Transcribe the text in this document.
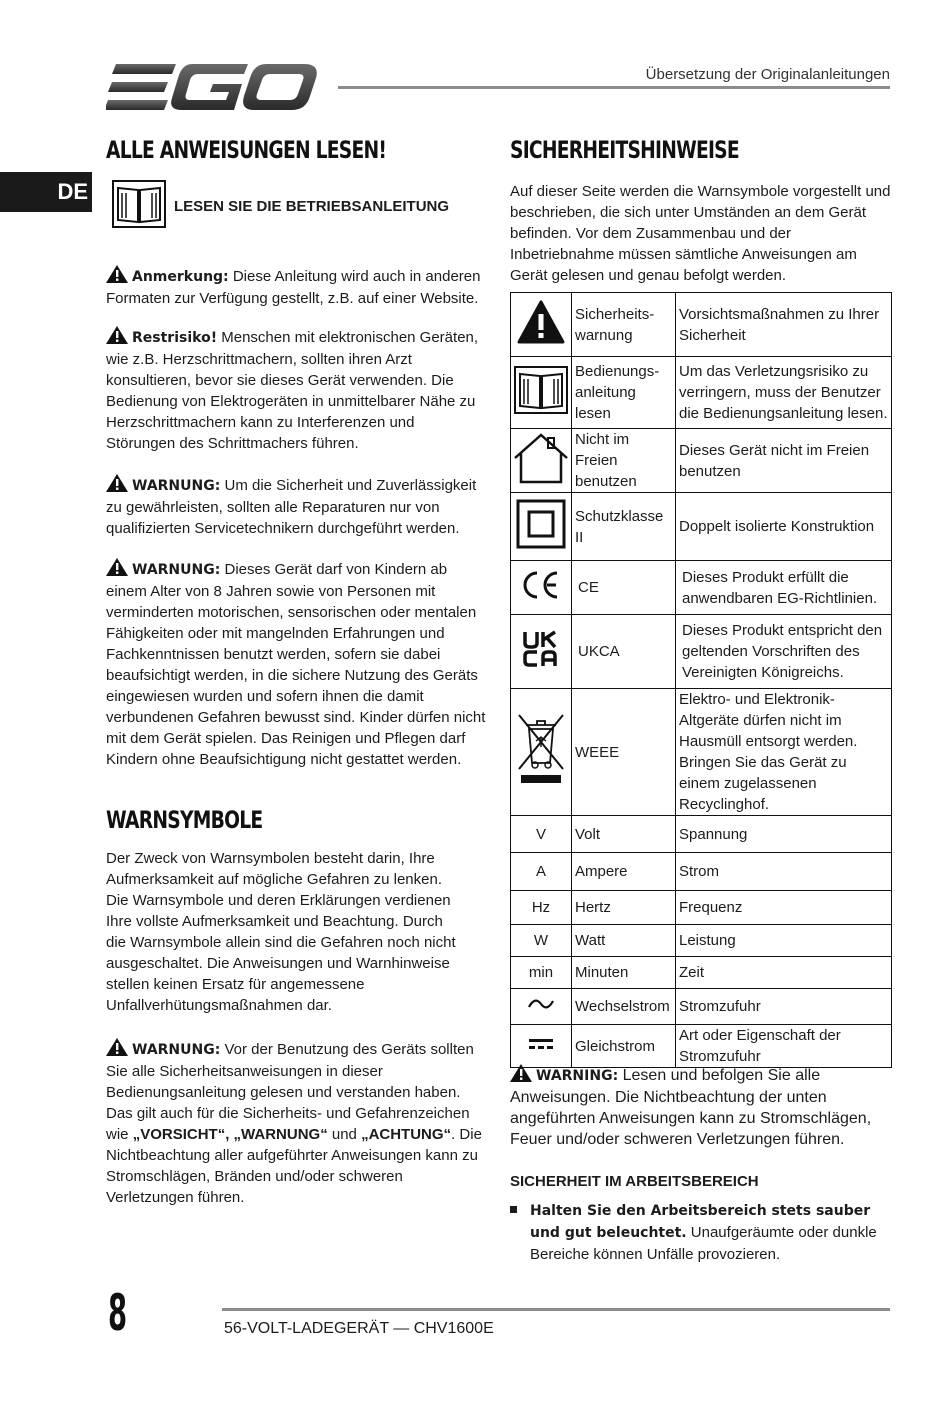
Übersetzung der Originalanleitungen
DE
ALLE ANWEISUNGEN LESEN!
LESEN SIE DIE BETRIEBSANLEITUNG

Anmerkung: Diese Anleitung wird auch in anderen Formaten zur Verfügung gestellt, z.B. auf einer Website.

Restrisiko! Menschen mit elektronischen Geräten, wie z.B. Herzschrittmachern, sollten ihren Arzt konsultieren, bevor sie dieses Gerät verwenden. Die Bedienung von Elektrogeräten in unmittelbarer Nähe zu Herzschrittmachern kann zu Interferenzen und Störungen des Schrittmachers führen.

WARNUNG: Um die Sicherheit und Zuverlässigkeit zu gewährleisten, sollten alle Reparaturen nur von qualifizierten Servicetechnikern durchgeführt werden.

WARNUNG: Dieses Gerät darf von Kindern ab einem Alter von 8 Jahren sowie von Personen mit verminderten motorischen, sensorischen oder mentalen Fähigkeiten oder mit mangelnden Erfahrungen und Fachkenntnissen benutzt werden, sofern sie dabei beaufsichtigt werden, in die sichere Nutzung des Geräts eingewiesen wurden und sofern ihnen die damit verbundenen Gefahren bewusst sind. Kinder dürfen nicht mit dem Gerät spielen. Das Reinigen und Pflegen darf Kindern ohne Beaufsichtigung nicht gestattet werden.

WARNSYMBOLE

Der Zweck von Warnsymbolen besteht darin, Ihre Aufmerksamkeit auf mögliche Gefahren zu lenken. Die Warnsymbole und deren Erklärungen verdienen Ihre vollste Aufmerksamkeit und Beachtung. Durch die Warnsymbole allein sind die Gefahren noch nicht ausgeschaltet. Die Anweisungen und Warnhinweise stellen keinen Ersatz für angemessene Unfallverhütungsmaßnahmen dar.

WARNUNG: Vor der Benutzung des Geräts sollten Sie alle Sicherheitsanweisungen in dieser Bedienungsanleitung gelesen und verstanden haben. Das gilt auch für die Sicherheits- und Gefahrenzeichen wie „VORSICHT“, „WARNUNG“ und „ACHTUNG“. Die Nichtbeachtung aller aufgeführter Anweisungen kann zu Stromschlägen, Bränden und/oder schweren Verletzungen führen.

SICHERHEITSHINWEISE

Auf dieser Seite werden die Warnsymbole vorgestellt und beschrieben, die sich unter Umständen an dem Gerät befinden. Vor dem Zusammenbau und der Inbetriebnahme müssen sämtliche Anweisungen am Gerät gelesen und genau befolgt werden.

	Sicherheits-warnung	Vorsichtsmaßnahmen zu Ihrer Sicherheit
	Bedienungs-anleitung lesen	Um das Verletzungsrisiko zu verringern, muss der Benutzer die Bedienungsanleitung lesen.
	Nicht im Freien benutzen	Dieses Gerät nicht im Freien benutzen
	Schutzklasse II	Doppelt isolierte Konstruktion
	CE	Dieses Produkt erfüllt die anwendbaren EG-Richtlinien.
	UKCA	Dieses Produkt entspricht den geltenden Vorschriften des Vereinigten Königreichs.
	WEEE	Elektro- und Elektronik-Altgeräte dürfen nicht im Hausmüll entsorgt werden. Bringen Sie das Gerät zu einem zugelassenen Recyclinghof.
V	Volt	Spannung
A	Ampere	Strom
Hz	Hertz	Frequenz
W	Watt	Leistung
min	Minuten	Zeit
	Wechselstrom	Stromzufuhr
	Gleichstrom	Art oder Eigenschaft der Stromzufuhr

WARNING: Lesen und befolgen Sie alle Anweisungen. Die Nichtbeachtung der unten angeführten Anweisungen kann zu Stromschlägen, Feuer und/oder schweren Verletzungen führen.

SICHERHEIT IM ARBEITSBEREICH

Halten Sie den Arbeitsbereich stets sauber und gut beleuchtet. Unaufgeräumte oder dunkle Bereiche können Unfälle provozieren.

8	56-VOLT-LADEGERÄT — CHV1600E
